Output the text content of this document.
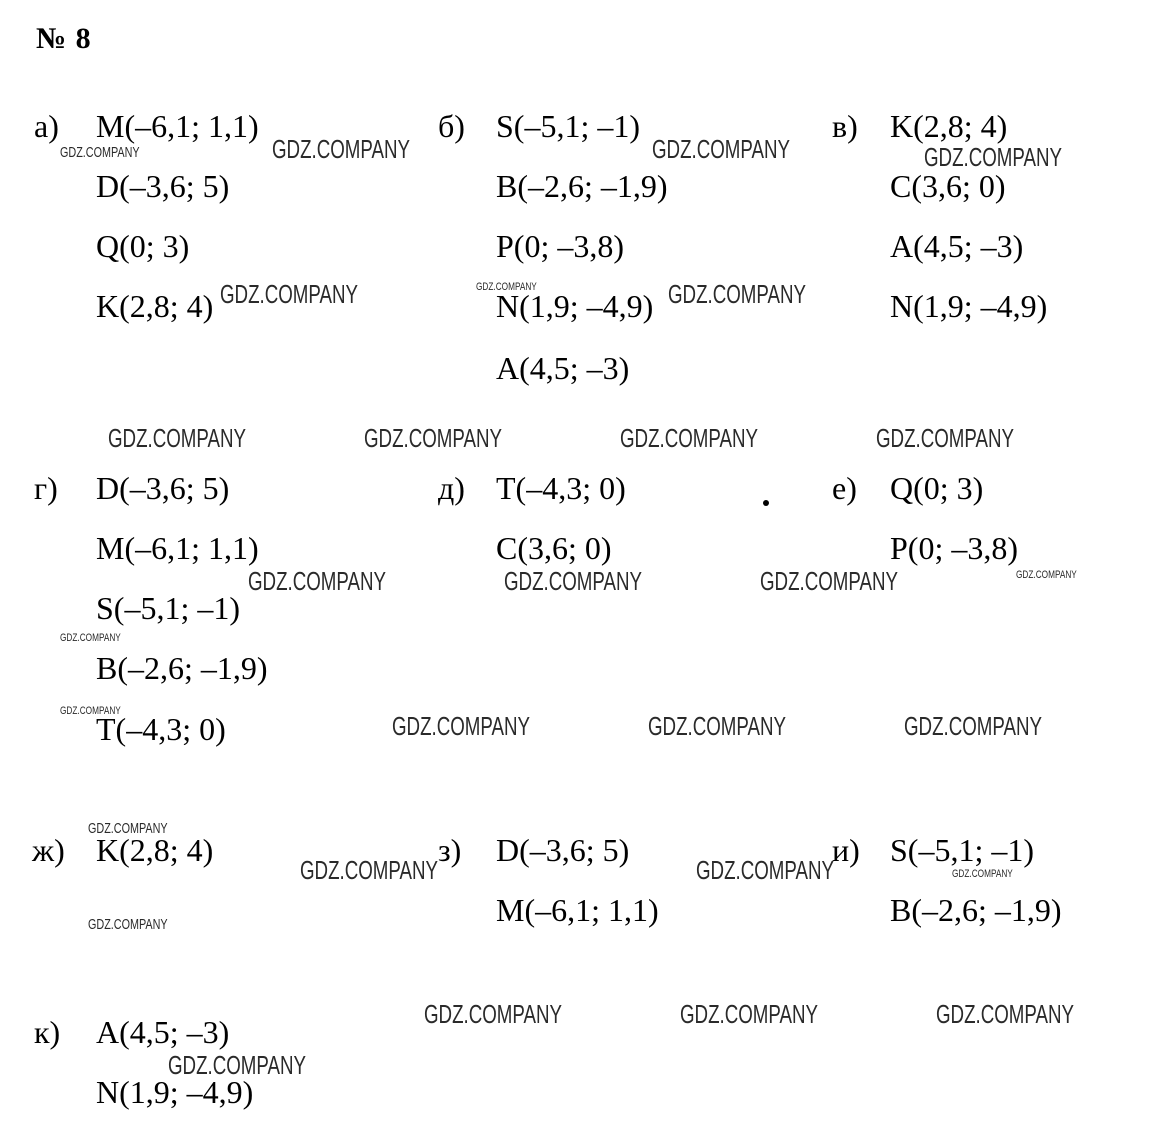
№ 8
а) M(–6,1; 1,1)
D(–3,6; 5)
Q(0; 3)
K(2,8; 4)
б) S(–5,1; –1)
B(–2,6; –1,9)
P(0; –3,8)
N(1,9; –4,9)
A(4,5; –3)
в) K(2,8; 4)
C(3,6; 0)
A(4,5; –3)
N(1,9; –4,9)
г) D(–3,6; 5)
M(–6,1; 1,1)
S(–5,1; –1)
B(–2,6; –1,9)
T(–4,3; 0)
д) T(–4,3; 0)
C(3,6; 0)
е) Q(0; 3)
P(0; –3,8)
ж) K(2,8; 4)	з) D(–3,6; 5)
M(–6,1; 1,1)
и) S(–5,1; –1)
B(–2,6; –1,9)
к) A(4,5; –3)
N(1,9; –4,9)
GDZ.COMPANY	GDZ.COMPANY	GDZ.COMPANY	GDZ.COMPANY
GDZ.COMPANY	GDZ.COMPANY	GDZ.COMPANY
GDZ.COMPANY	GDZ.COMPANY	GDZ.COMPANY	GDZ.COMPANY
GDZ.COMPANY	GDZ.COMPANY	GDZ.COMPANY	GDZ.COMPANY
GDZ.COMPANY
GDZ.COMPANY	GDZ.COMPANY	GDZ.COMPANY	GDZ.COMPANY
GDZ.COMPANY
GDZ.COMPANY	GDZ.COMPANY	GDZ.COMPANY
GDZ.COMPANY
GDZ.COMPANY	GDZ.COMPANY	GDZ.COMPANY
GDZ.COMPANY
